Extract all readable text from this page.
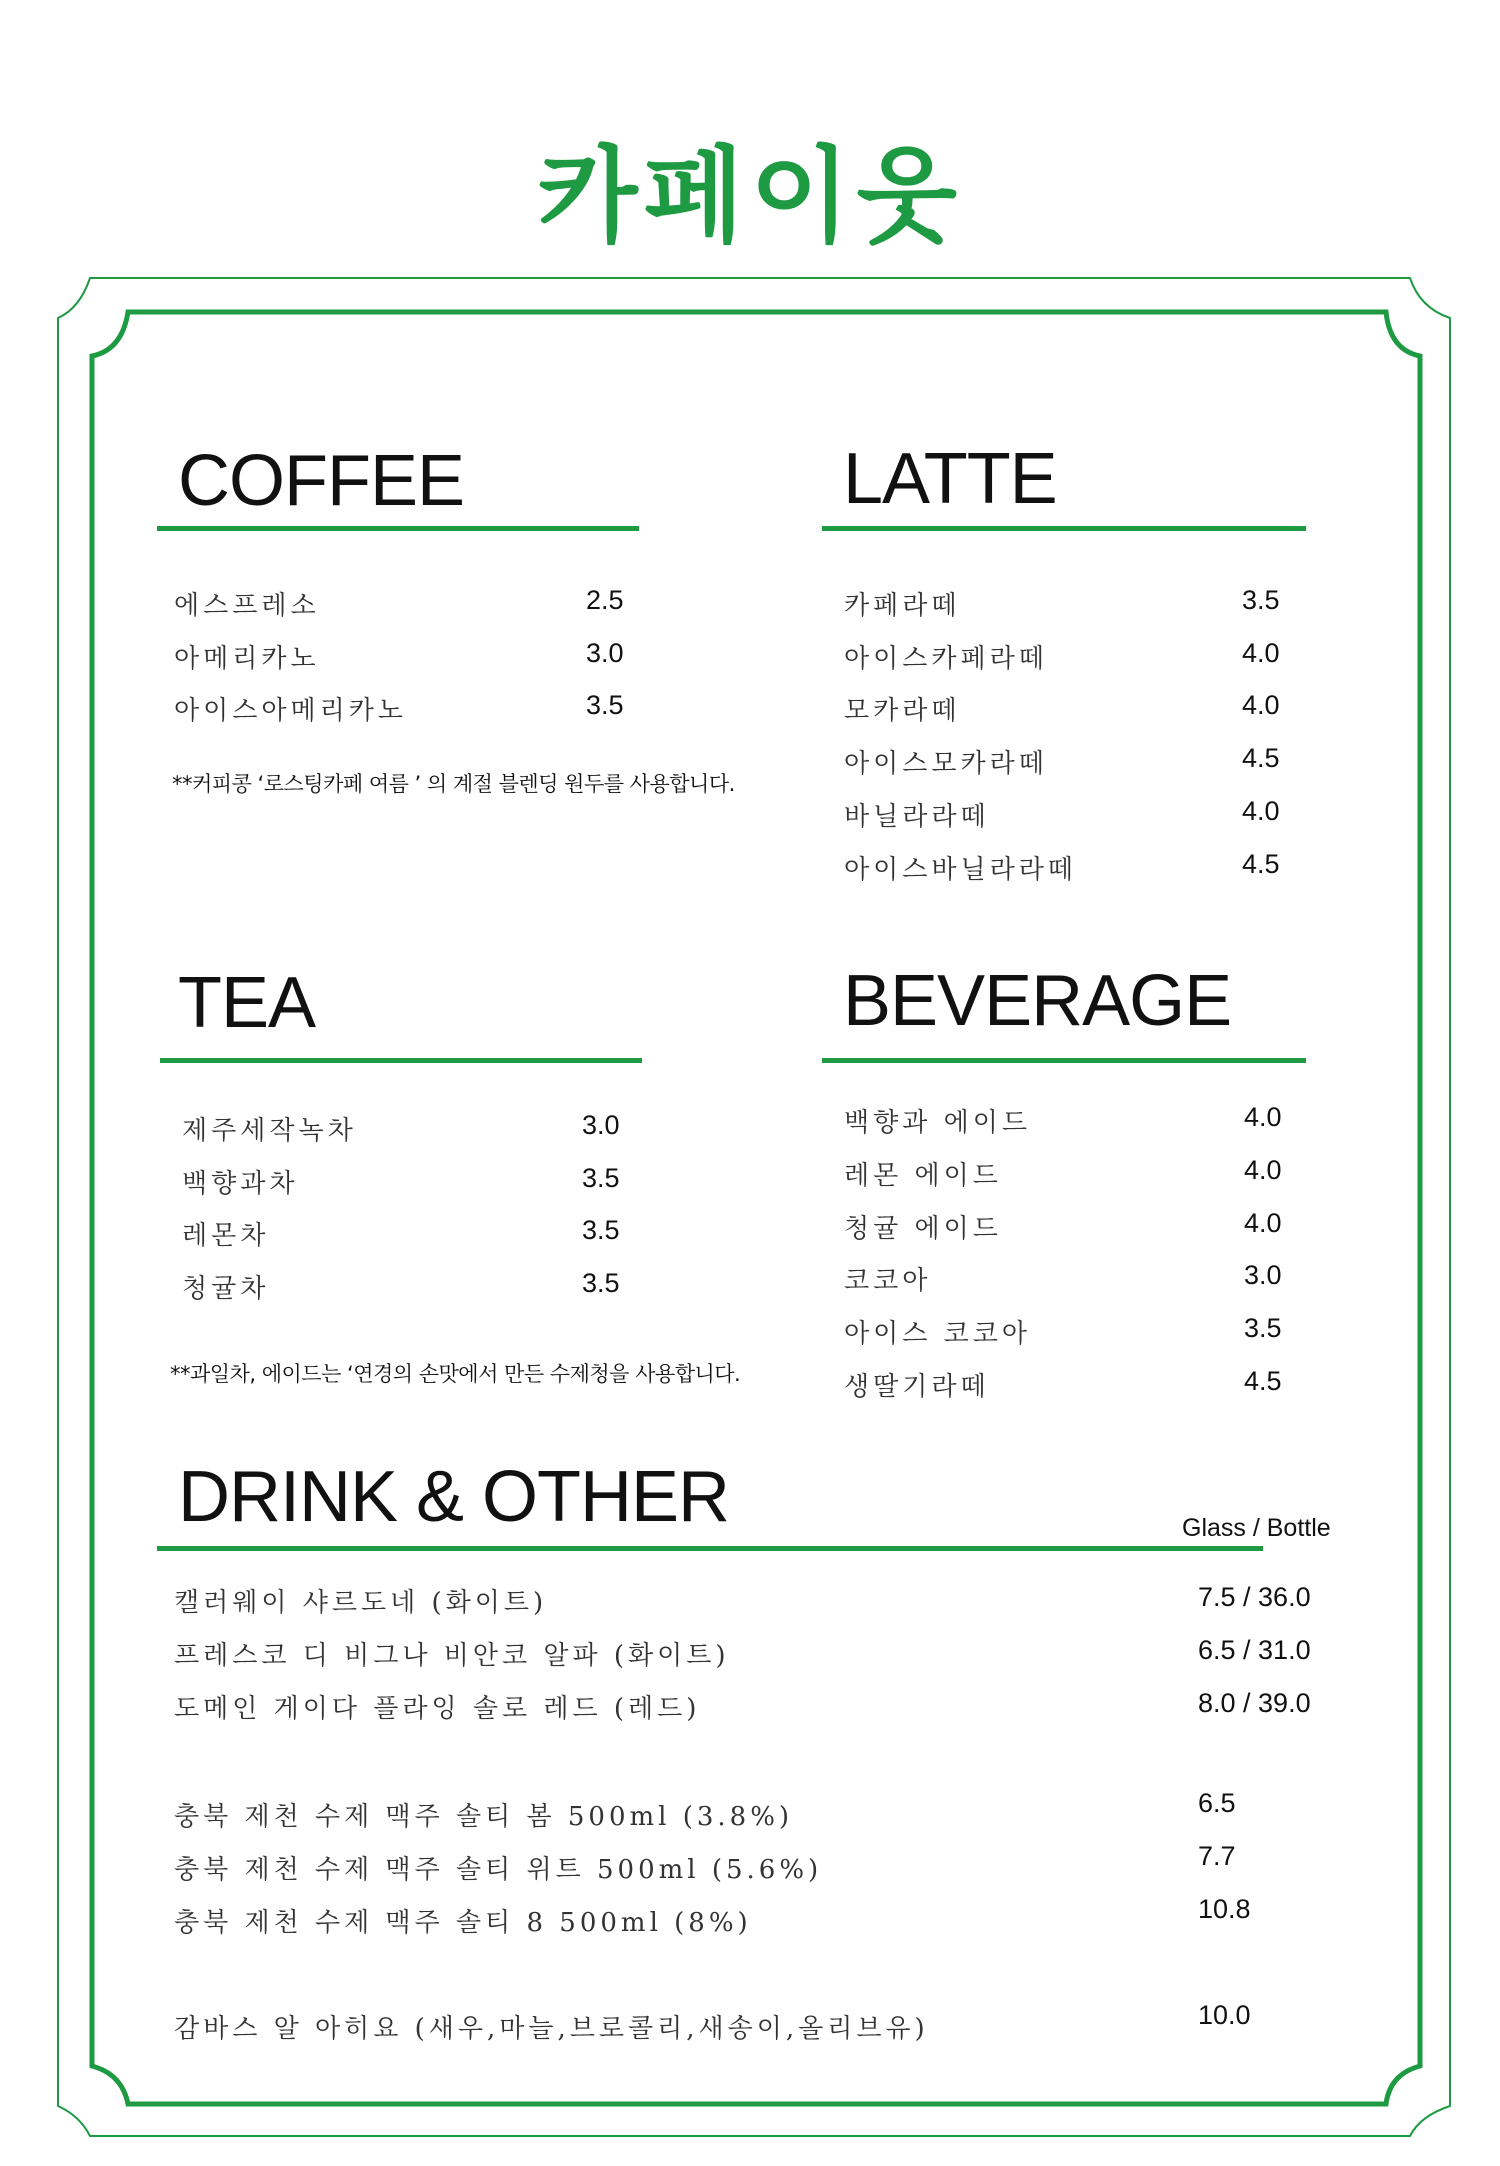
카페이웃
COFFEE
에스프레소	2.5
아메리카노	3.0
아이스아메리카노	3.5
**커피콩 ‘로스팅카페 여름 ’ 의 계절 블렌딩 원두를 사용합니다.
LATTE
카페라떼	3.5
아이스카페라떼	4.0
모카라떼	4.0
아이스모카라떼	4.5
바닐라라떼	4.0
아이스바닐라라떼	4.5
TEA
제주세작녹차	3.0
백향과차	3.5
레몬차	3.5
청귤차	3.5
**과일차, 에이드는 ‘연경의 손맛에서 만든 수제청을 사용합니다.
BEVERAGE
백향과 에이드	4.0
레몬 에이드	4.0
청귤 에이드	4.0
코코아	3.0
아이스 코코아	3.5
생딸기라떼	4.5
DRINK & OTHER	Glass / Bottle
캘러웨이 샤르도네 (화이트)	7.5 / 36.0
프레스코 디 비그나 비안코 알파 (화이트)	6.5 / 31.0
도메인 게이다 플라잉 솔로 레드 (레드)	8.0 / 39.0
충북 제천 수제 맥주 솔티 봄 500ml (3.8%)	6.5
충북 제천 수제 맥주 솔티 위트 500ml (5.6%)	7.7
충북 제천 수제 맥주 솔티 8 500ml (8%)	10.8
감바스 알 아히요 (새우,마늘,브로콜리,새송이,올리브유)	10.0
